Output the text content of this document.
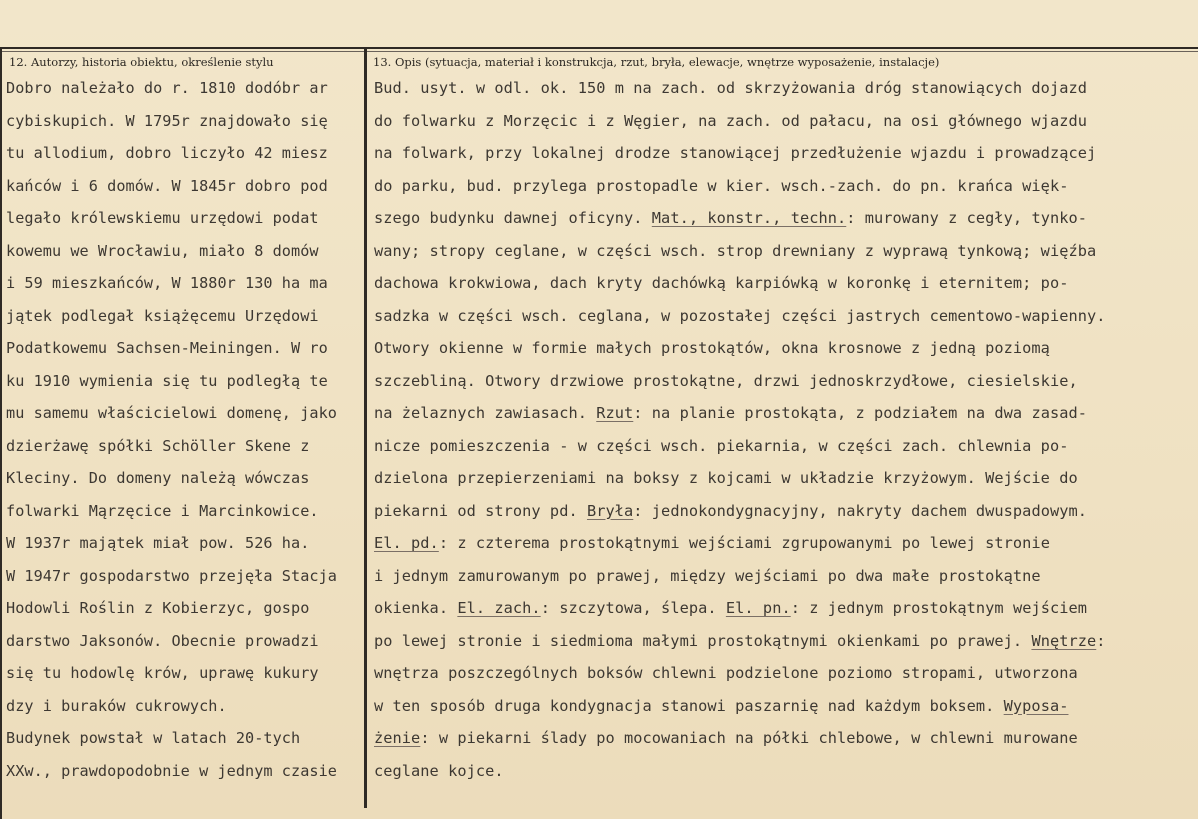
12. Autorzy, historia obiektu, określenie stylu	13. Opis (sytuacja, materiał i konstrukcja, rzut, bryła, elewacje, wnętrze wyposażenie, instalacje)
Dobro należało do r. 1810 dodóbr ar
cybiskupich. W 1795r znajdowało się
tu allodium, dobro liczyło 42 miesz
kańców i 6 domów. W 1845r dobro pod
legało królewskiemu urzędowi podat
kowemu we Wrocławiu, miało 8 domów
i 59 mieszkańców, W 1880r 130 ha ma
jątek podlegał książęcemu Urzędowi
Podatkowemu Sachsen-Meiningen. W ro
ku 1910 wymienia się tu podległą te
mu samemu właścicielowi domenę, jako
dzierżawę spółki Schöller Skene z
Kleciny. Do domeny należą wówczas
folwarki Mąrzęcice i Marcinkowice.
W 1937r majątek miał pow. 526 ha.
W 1947r gospodarstwo przejęła Stacja
Hodowli Roślin z Kobierzyc, gospo
darstwo Jaksonów. Obecnie prowadzi
się tu hodowlę krów, uprawę kukury
dzy i buraków cukrowych.
Budynek powstał w latach 20-tych
XXw., prawdopodobnie w jednym czasie
Bud. usyt. w odl. ok. 150 m na zach. od skrzyżowania dróg stanowiących dojazd
do folwarku z Morzęcic i z Węgier, na zach. od pałacu, na osi głównego wjazdu
na folwark, przy lokalnej drodze stanowiącej przedłużenie wjazdu i prowadzącej
do parku, bud. przylega prostopadle w kier. wsch.-zach. do pn. krańca więk-
szego budynku dawnej oficyny. Mat., konstr., techn.: murowany z cegły, tynko-
wany; stropy ceglane, w części wsch. strop drewniany z wyprawą tynkową; więźba
dachowa krokwiowa, dach kryty dachówką karpiówką w koronkę i eternitem; po-
sadzka w części wsch. ceglana, w pozostałej części jastrych cementowo-wapienny.
Otwory okienne w formie małych prostokątów, okna krosnowe z jedną poziomą
szczebliną. Otwory drzwiowe prostokątne, drzwi jednoskrzydłowe, ciesielskie,
na żelaznych zawiasach. Rzut: na planie prostokąta, z podziałem na dwa zasad-
nicze pomieszczenia - w części wsch. piekarnia, w części zach. chlewnia po-
dzielona przepierzeniami na boksy z kojcami w układzie krzyżowym. Wejście do
piekarni od strony pd. Bryła: jednokondygnacyjny, nakryty dachem dwuspadowym.
El. pd.: z czterema prostokątnymi wejściami zgrupowanymi po lewej stronie
i jednym zamurowanym po prawej, między wejściami po dwa małe prostokątne
okienka. El. zach.: szczytowa, ślepa. El. pn.: z jednym prostokątnym wejściem
po lewej stronie i siedmioma małymi prostokątnymi okienkami po prawej. Wnętrze:
wnętrza poszczególnych boksów chlewni podzielone poziomo stropami, utworzona
w ten sposób druga kondygnacja stanowi paszarnię nad każdym boksem. Wyposa-
żenie: w piekarni ślady po mocowaniach na półki chlebowe, w chlewni murowane
ceglane kojce.
